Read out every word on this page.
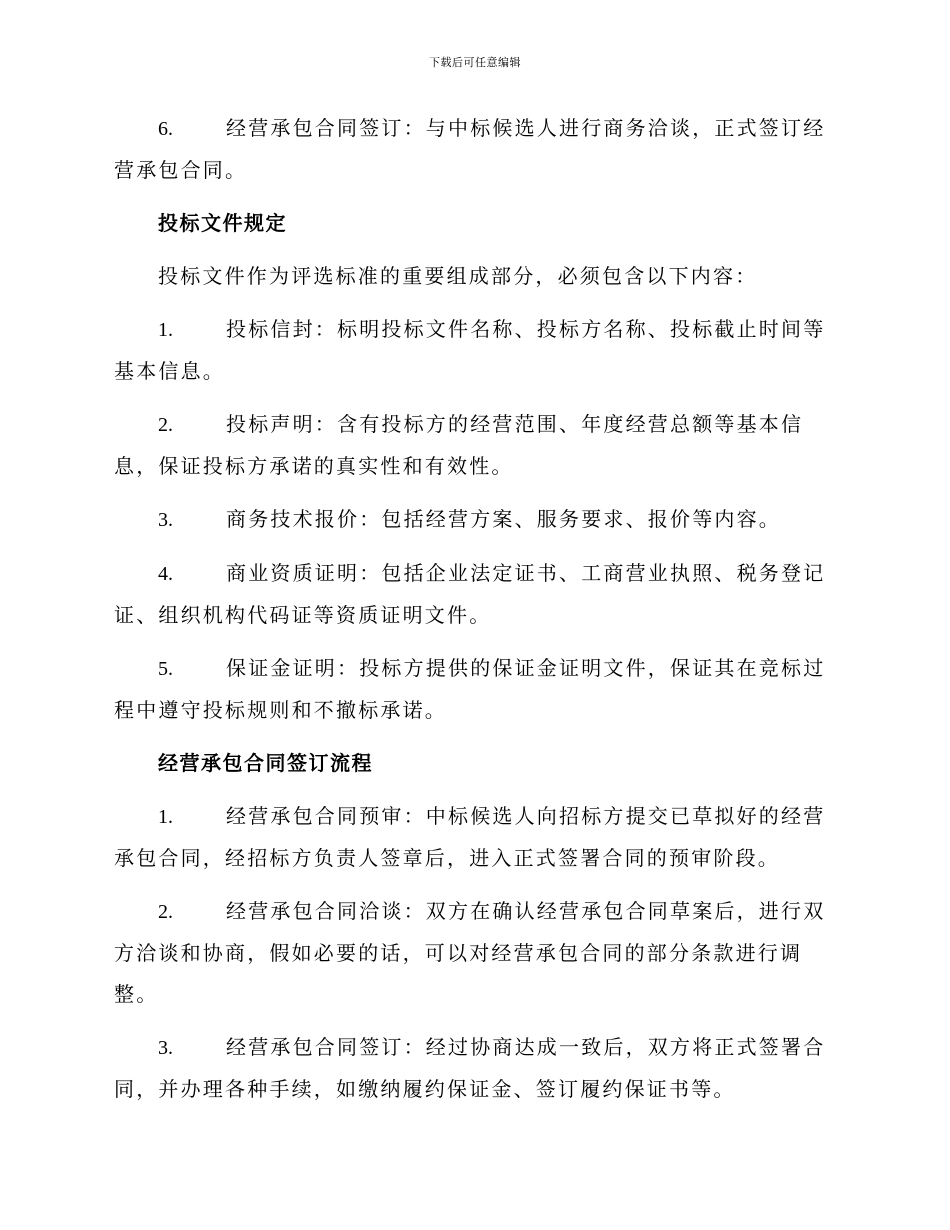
下载后可任意编辑

6.	经营承包合同签订：与中标候选人进行商务洽谈，正式签订经营承包合同。

投标文件规定

投标文件作为评选标准的重要组成部分，必须包含以下内容：

1.	投标信封：标明投标文件名称、投标方名称、投标截止时间等基本信息。

2.	投标声明：含有投标方的经营范围、年度经营总额等基本信息，保证投标方承诺的真实性和有效性。

3.	商务技术报价：包括经营方案、服务要求、报价等内容。

4.	商业资质证明：包括企业法定证书、工商营业执照、税务登记证、组织机构代码证等资质证明文件。

5.	保证金证明：投标方提供的保证金证明文件，保证其在竞标过程中遵守投标规则和不撤标承诺。

经营承包合同签订流程

1.	经营承包合同预审：中标候选人向招标方提交已草拟好的经营承包合同，经招标方负责人签章后，进入正式签署合同的预审阶段。

2.	经营承包合同洽谈：双方在确认经营承包合同草案后，进行双方洽谈和协商，假如必要的话，可以对经营承包合同的部分条款进行调整。

3.	经营承包合同签订：经过协商达成一致后，双方将正式签署合同，并办理各种手续，如缴纳履约保证金、签订履约保证书等。
